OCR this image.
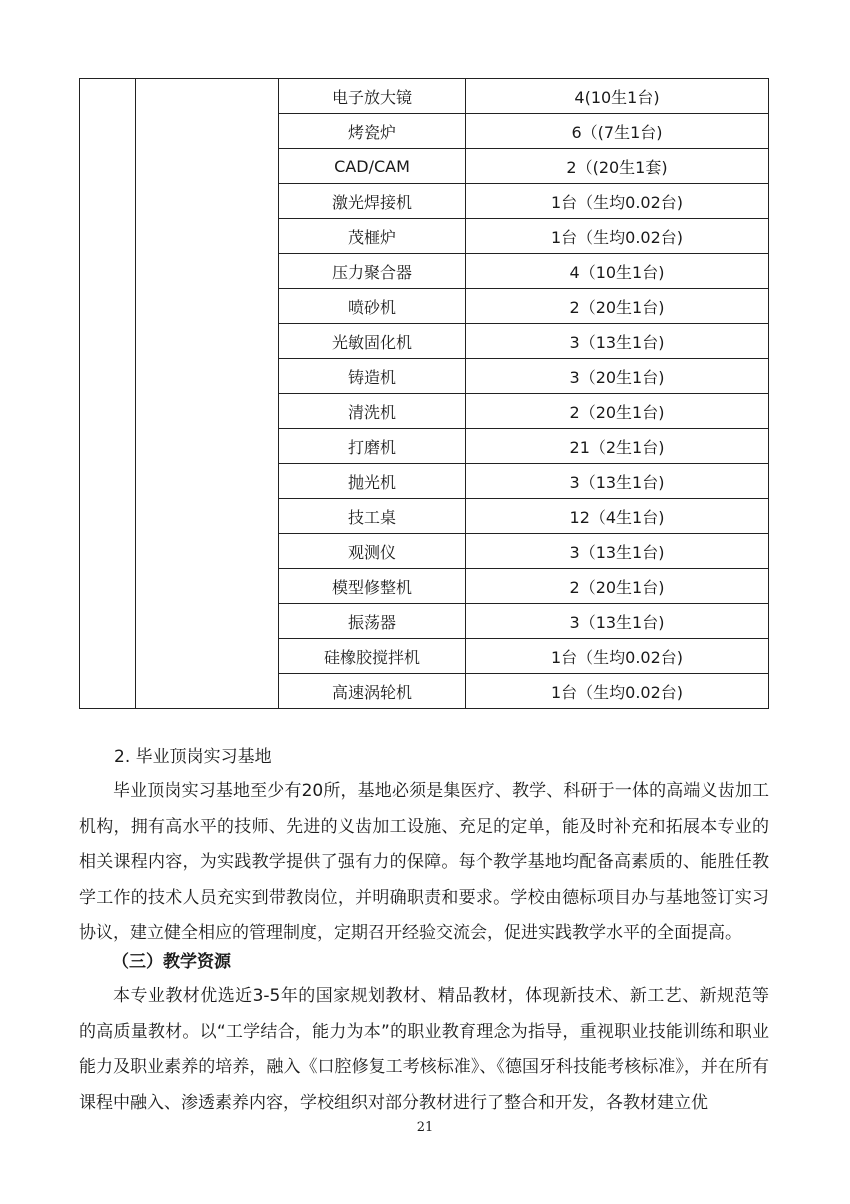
		电子放大镜	4(10生1台)
		烤瓷炉	6（(7生1台)
		CAD/CAM	2（(20生1套)
		激光焊接机	1台（生均0.02台)
		茂榧炉	1台（生均0.02台)
		压力聚合器	4（10生1台)
		喷砂机	2（20生1台)
		光敏固化机	3（13生1台)
		铸造机	3（20生1台)
		清洗机	2（20生1台)
		打磨机	21（2生1台)
		抛光机	3（13生1台)
		技工桌	12（4生1台)
		观测仪	3（13生1台)
		模型修整机	2（20生1台)
		振荡器	3（13生1台)
		硅橡胶搅拌机	1台（生均0.02台)
		高速涡轮机	1台（生均0.02台)
2. 毕业顶岗实习基地

毕业顶岗实习基地至少有20所，基地必须是集医疗、教学、科研于一体的高端义齿加工机构，拥有高水平的技师、先进的义齿加工设施、充足的定单，能及时补充和拓展本专业的相关课程内容，为实践教学提供了强有力的保障。每个教学基地均配备高素质的、能胜任教学工作的技术人员充实到带教岗位，并明确职责和要求。学校由德标项目办与基地签订实习协议，建立健全相应的管理制度，定期召开经验交流会，促进实践教学水平的全面提高。

（三）教学资源

本专业教材优选近3-5年的国家规划教材、精品教材，体现新技术、新工艺、新规范等的高质量教材。以“工学结合，能力为本”的职业教育理念为指导，重视职业技能训练和职业能力及职业素养的培养，融入《口腔修复工考核标准》、《德国牙科技能考核标准》，并在所有课程中融入、渗透素养内容，学校组织对部分教材进行了整合和开发，各教材建立优

21
